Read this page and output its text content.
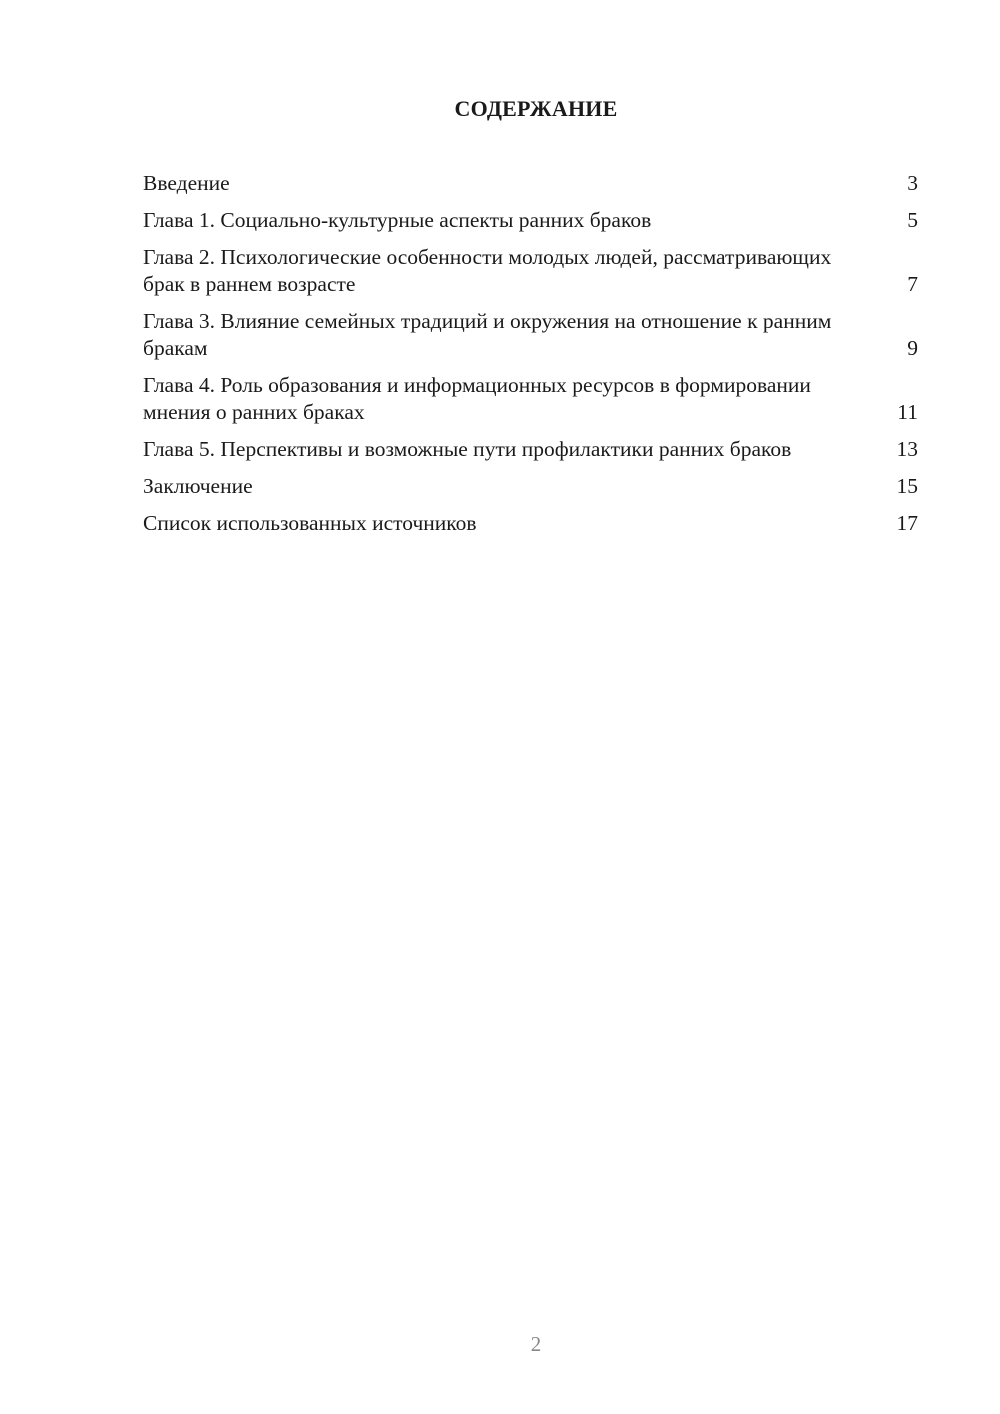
СОДЕРЖАНИЕ
Введение	3
Глава 1. Социально-культурные аспекты ранних браков	5
Глава 2. Психологические особенности молодых людей, рассматривающих брак в раннем возрасте	7
Глава 3. Влияние семейных традиций и окружения на отношение к ранним бракам	9
Глава 4. Роль образования и информационных ресурсов в формировании мнения о ранних браках	11
Глава 5. Перспективы и возможные пути профилактики ранних браков	13
Заключение	15
Список использованных источников	17
2
